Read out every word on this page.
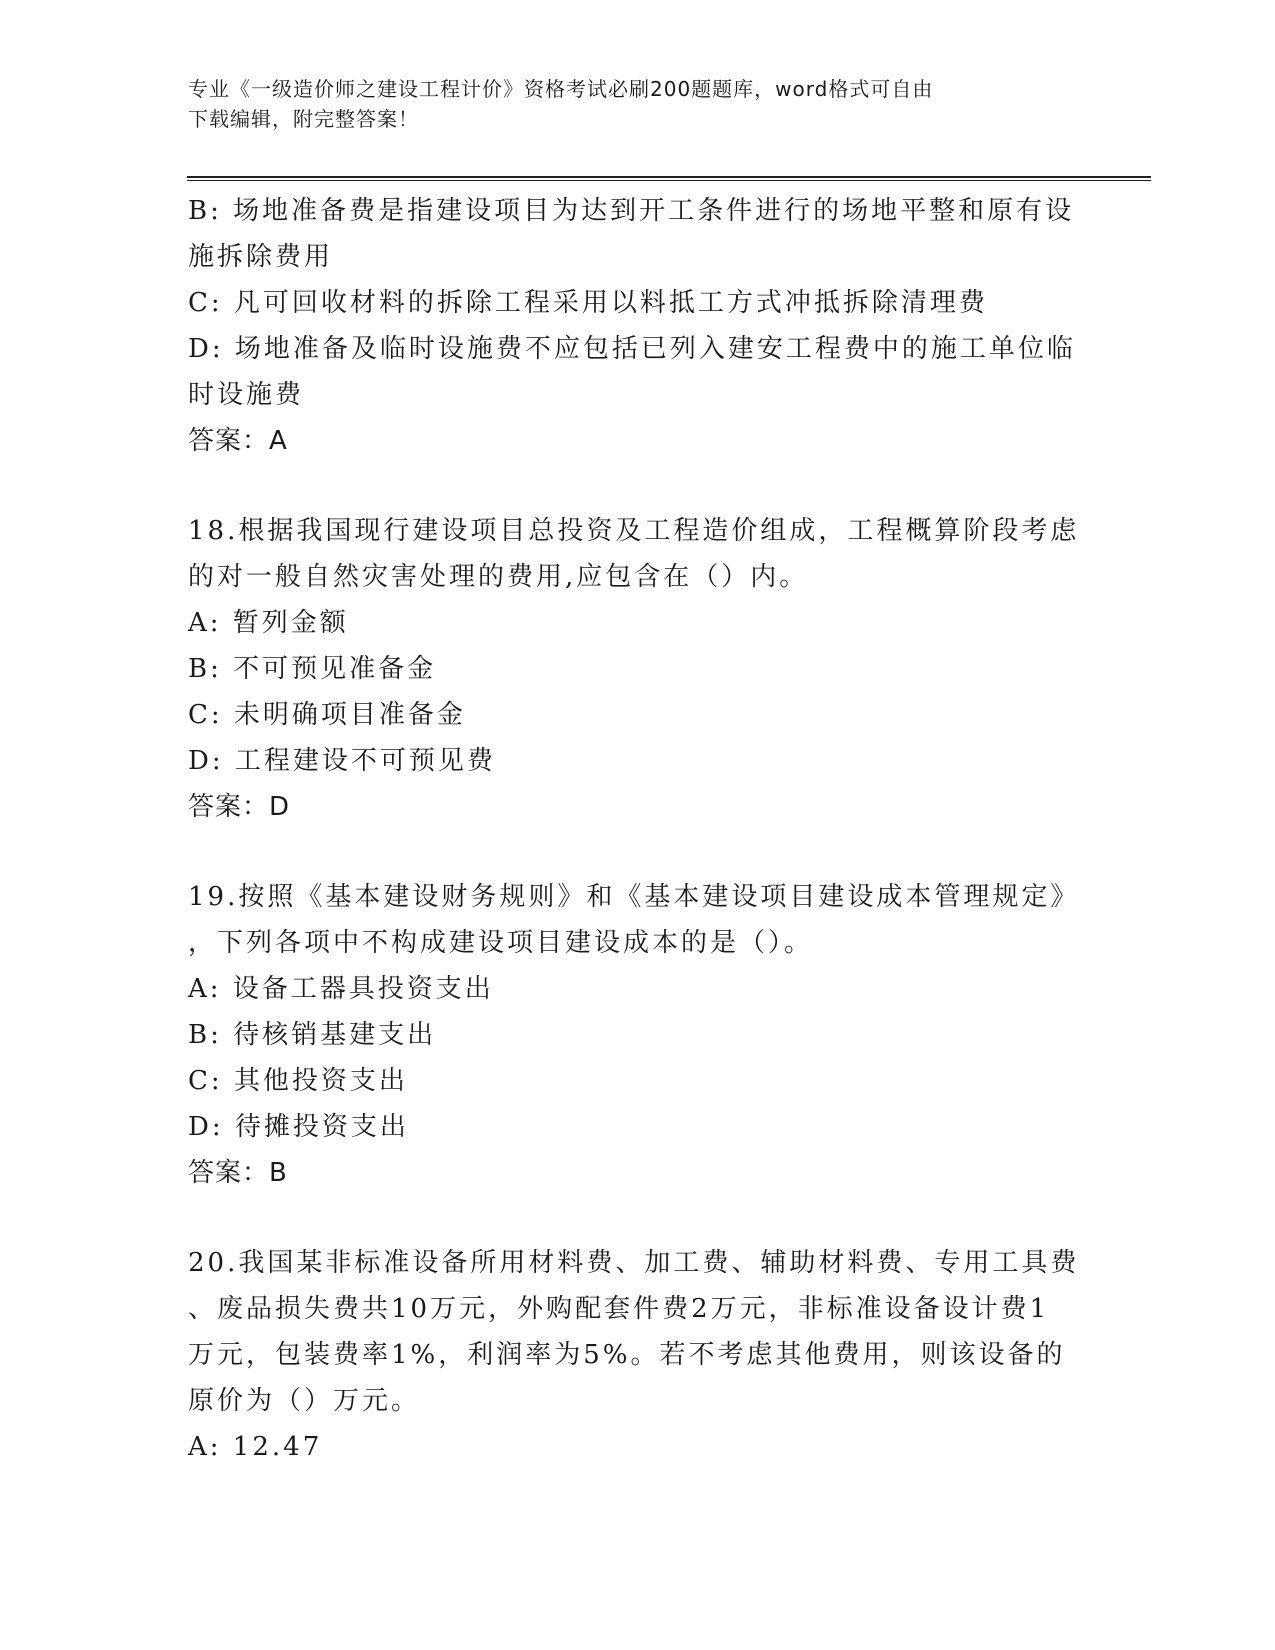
专业《一级造价师之建设工程计价》资格考试必刷200题题库，word格式可自由
下载编辑，附完整答案！

B: 场地准备费是指建设项目为达到开工条件进行的场地平整和原有设

施拆除费用

C: 凡可回收材料的拆除工程采用以料抵工方式冲抵拆除清理费

D: 场地准备及临时设施费不应包括已列入建安工程费中的施工单位临

时设施费

答案：A

18.根据我国现行建设项目总投资及工程造价组成，工程概算阶段考虑

的对一般自然灾害处理的费用,应包含在（）内。

A: 暂列金额

B: 不可预见准备金

C: 未明确项目准备金

D: 工程建设不可预见费

答案：D

19.按照《基本建设财务规则》和《基本建设项目建设成本管理规定》

，下列各项中不构成建设项目建设成本的是（）。

A: 设备工器具投资支出

B: 待核销基建支出

C: 其他投资支出

D: 待摊投资支出

答案：B

20.我国某非标准设备所用材料费、加工费、辅助材料费、专用工具费

、废品损失费共10万元，外购配套件费2万元，非标准设备设计费1

万元，包装费率1%，利润率为5%。若不考虑其他费用，则该设备的

原价为（）万元。

A: 12.47
